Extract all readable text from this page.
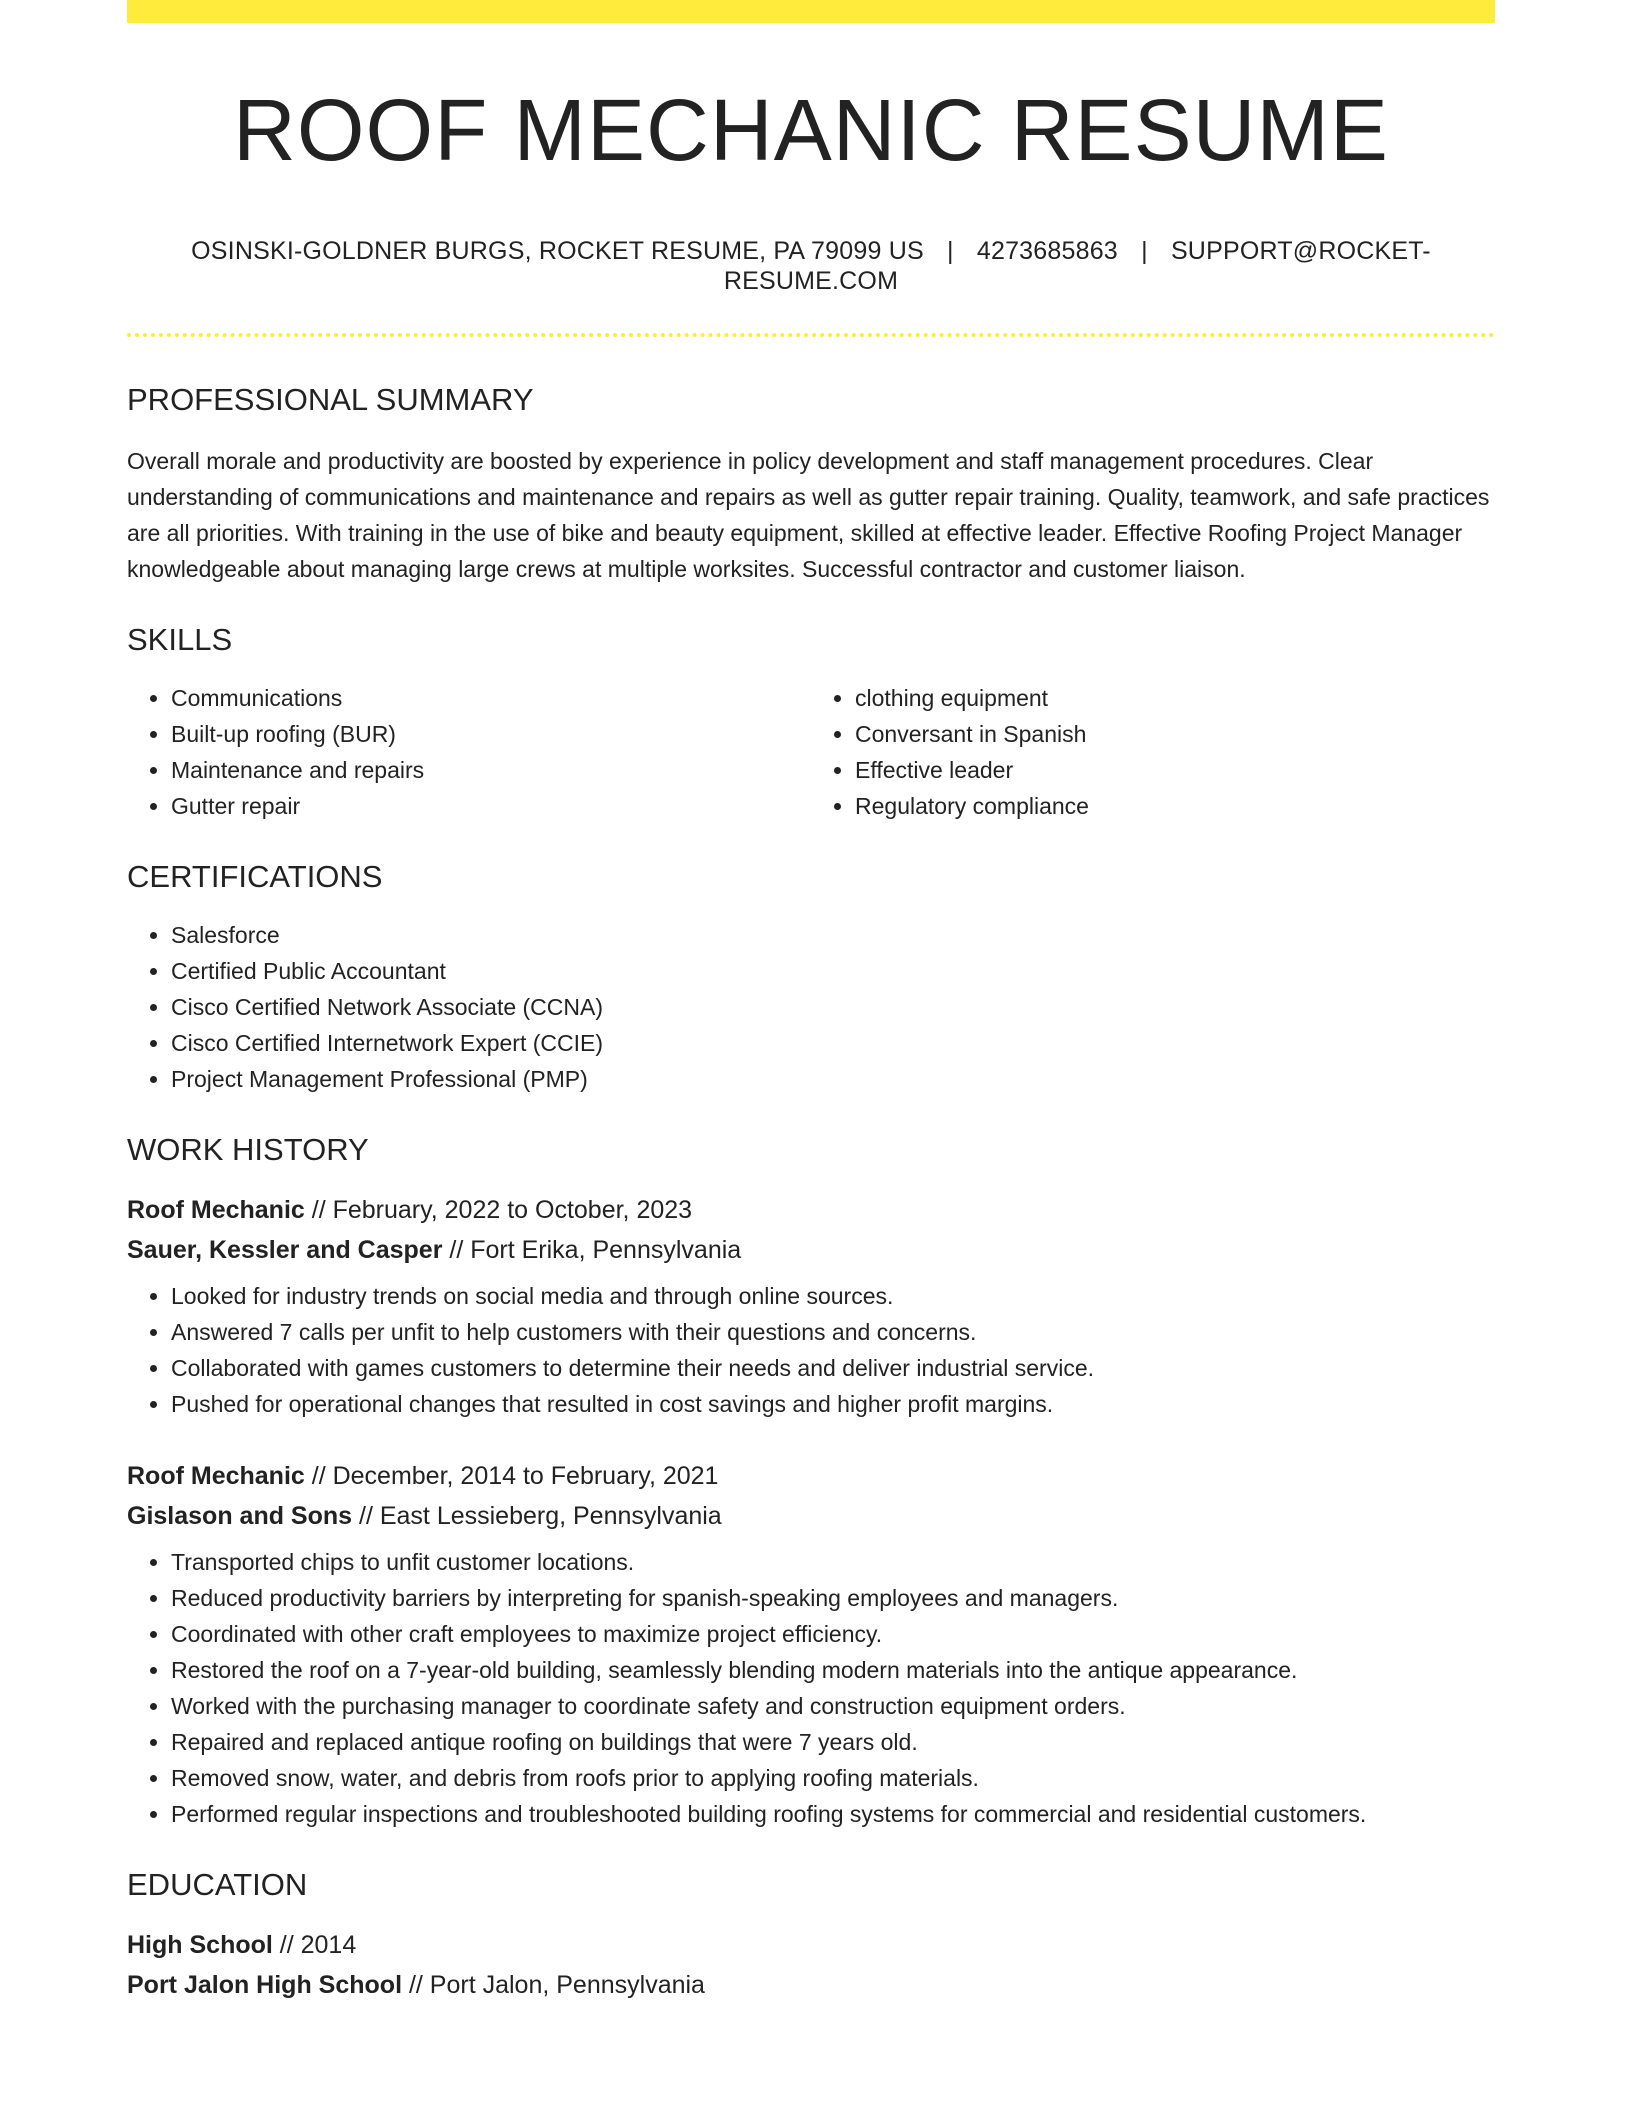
ROOF MECHANIC RESUME
OSINSKI-GOLDNER BURGS, ROCKET RESUME, PA 79099 US | 4273685863 | SUPPORT@ROCKET-RESUME.COM
PROFESSIONAL SUMMARY

Overall morale and productivity are boosted by experience in policy development and staff management procedures. Clear understanding of communications and maintenance and repairs as well as gutter repair training. Quality, teamwork, and safe practices are all priorities. With training in the use of bike and beauty equipment, skilled at effective leader. Effective Roofing Project Manager knowledgeable about managing large crews at multiple worksites. Successful contractor and customer liaison.

SKILLS
• Communications
• Built-up roofing (BUR)
• Maintenance and repairs
• Gutter repair
• clothing equipment
• Conversant in Spanish
• Effective leader
• Regulatory compliance
CERTIFICATIONS
• Salesforce
• Certified Public Accountant
• Cisco Certified Network Associate (CCNA)
• Cisco Certified Internetwork Expert (CCIE)
• Project Management Professional (PMP)
WORK HISTORY
Roof Mechanic // February, 2022 to October, 2023
Sauer, Kessler and Casper // Fort Erika, Pennsylvania
• Looked for industry trends on social media and through online sources.
• Answered 7 calls per unfit to help customers with their questions and concerns.
• Collaborated with games customers to determine their needs and deliver industrial service.
• Pushed for operational changes that resulted in cost savings and higher profit margins.
Roof Mechanic // December, 2014 to February, 2021
Gislason and Sons // East Lessieberg, Pennsylvania
• Transported chips to unfit customer locations.
• Reduced productivity barriers by interpreting for spanish-speaking employees and managers.
• Coordinated with other craft employees to maximize project efficiency.
• Restored the roof on a 7-year-old building, seamlessly blending modern materials into the antique appearance.
• Worked with the purchasing manager to coordinate safety and construction equipment orders.
• Repaired and replaced antique roofing on buildings that were 7 years old.
• Removed snow, water, and debris from roofs prior to applying roofing materials.
• Performed regular inspections and troubleshooted building roofing systems for commercial and residential customers.
EDUCATION
High School // 2014
Port Jalon High School // Port Jalon, Pennsylvania
